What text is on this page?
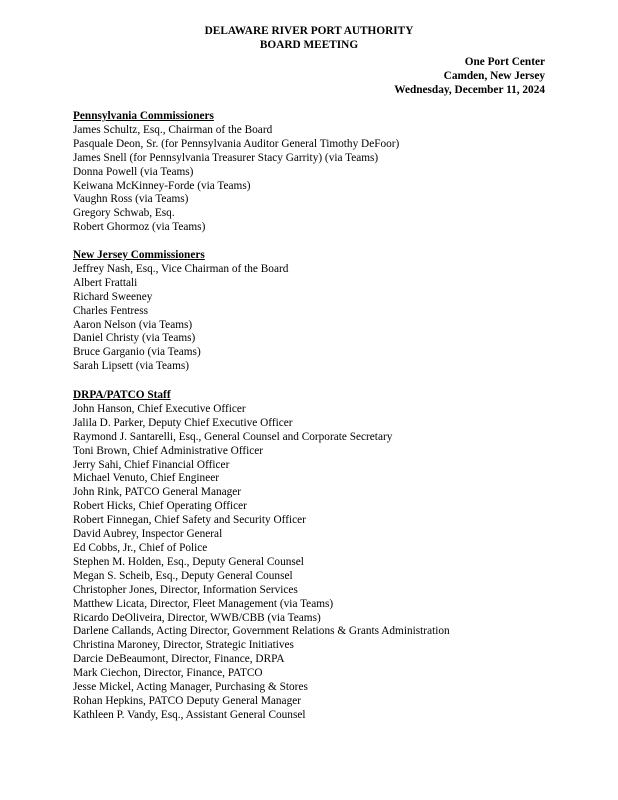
DELAWARE RIVER PORT AUTHORITY
BOARD MEETING
One Port Center
Camden, New Jersey
Wednesday, December 11, 2024
Pennsylvania Commissioners
James Schultz, Esq., Chairman of the Board
Pasquale Deon, Sr. (for Pennsylvania Auditor General Timothy DeFoor)
James Snell (for Pennsylvania Treasurer Stacy Garrity) (via Teams)
Donna Powell (via Teams)
Keiwana McKinney-Forde (via Teams)
Vaughn Ross (via Teams)
Gregory Schwab, Esq.
Robert Ghormoz (via Teams)
New Jersey Commissioners
Jeffrey Nash, Esq., Vice Chairman of the Board
Albert Frattali
Richard Sweeney
Charles Fentress
Aaron Nelson (via Teams)
Daniel Christy (via Teams)
Bruce Garganio (via Teams)
Sarah Lipsett (via Teams)
DRPA/PATCO Staff
John Hanson, Chief Executive Officer
Jalila D. Parker, Deputy Chief Executive Officer
Raymond J. Santarelli, Esq., General Counsel and Corporate Secretary
Toni Brown, Chief Administrative Officer
Jerry Sahi, Chief Financial Officer
Michael Venuto, Chief Engineer
John Rink, PATCO General Manager
Robert Hicks, Chief Operating Officer
Robert Finnegan, Chief Safety and Security Officer
David Aubrey, Inspector General
Ed Cobbs, Jr., Chief of Police
Stephen M. Holden, Esq., Deputy General Counsel
Megan S. Scheib, Esq., Deputy General Counsel
Christopher Jones, Director, Information Services
Matthew Licata, Director, Fleet Management (via Teams)
Ricardo DeOliveira, Director, WWB/CBB (via Teams)
Darlene Callands, Acting Director, Government Relations & Grants Administration
Christina Maroney, Director, Strategic Initiatives
Darcie DeBeaumont, Director, Finance, DRPA
Mark Ciechon, Director, Finance, PATCO
Jesse Mickel, Acting Manager, Purchasing & Stores
Rohan Hepkins, PATCO Deputy General Manager
Kathleen P. Vandy, Esq., Assistant General Counsel
